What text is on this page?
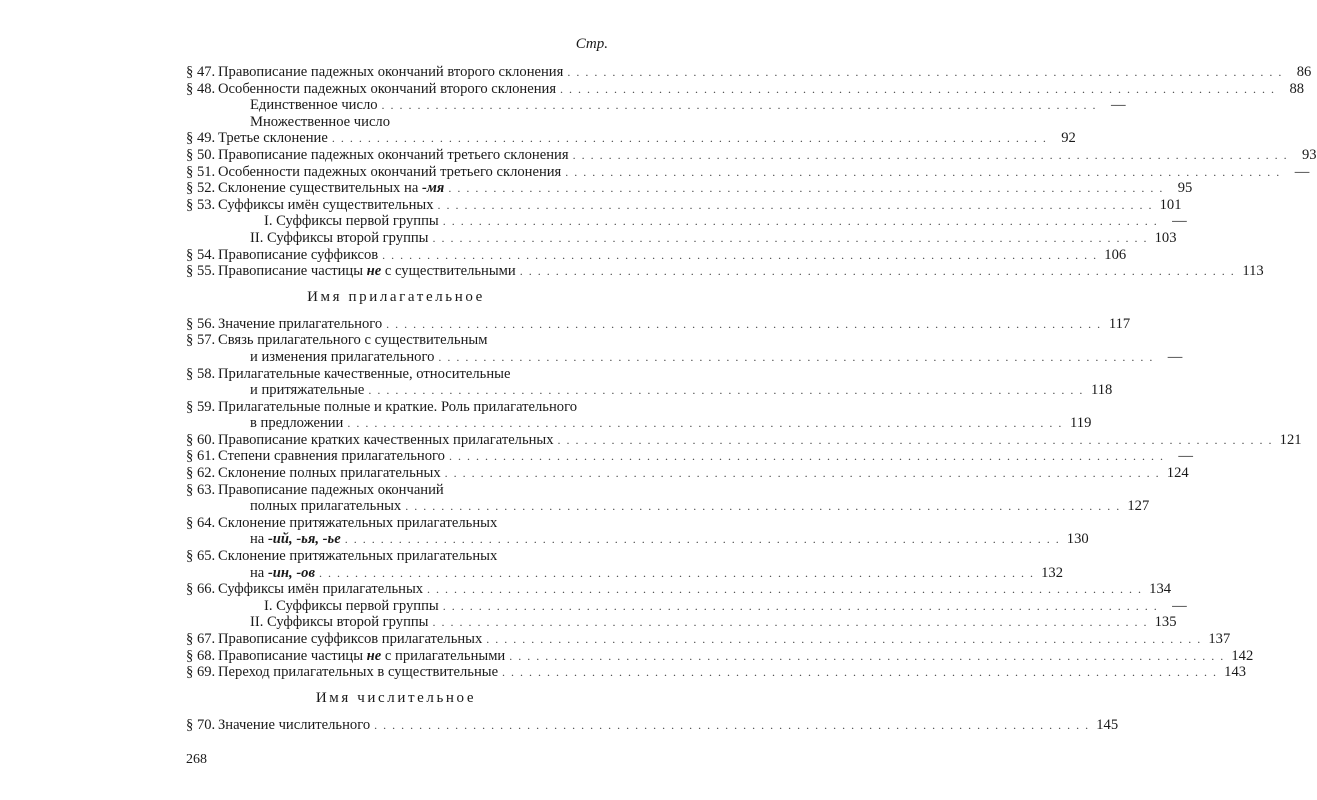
Стр.
§ 47. Правописание падежных окончаний второго склонения ................................................................................ 86
§ 48. Особенности падежных окончаний второго склонения ................................................................................ 88
Единственное число ................................................................................ —
Множественное число
§ 49. Третье склонение ................................................................................ 92
§ 50. Правописание падежных окончаний третьего склонения ................................................................................ 93
§ 51. Особенности падежных окончаний третьего склонения ................................................................................ —
§ 52. Склонение существительных на -мя ................................................................................ 95
§ 53. Суффиксы имён существительных ................................................................................ 101
I. Суффиксы первой группы ................................................................................ —
II. Суффиксы второй группы ................................................................................ 103
§ 54. Правописание суффиксов ................................................................................ 106
§ 55. Правописание частицы не с существительными ................................................................................ 113
Имя прилагательное
§ 56. Значение прилагательного ................................................................................ 117
§ 57. Связь прилагательного с существительным
и изменения прилагательного ................................................................................ —
§ 58. Прилагательные качественные, относительные
и притяжательные ................................................................................ 118
§ 59. Прилагательные полные и краткие. Роль прилагательного
в предложении ................................................................................ 119
§ 60. Правописание кратких качественных прилагательных ................................................................................ 121
§ 61. Степени сравнения прилагательного ................................................................................ —
§ 62. Склонение полных прилагательных ................................................................................ 124
§ 63. Правописание падежных окончаний
полных прилагательных ................................................................................ 127
§ 64. Склонение притяжательных прилагательных
на -ий, -ья, -ье ................................................................................ 130
§ 65. Склонение притяжательных прилагательных
на -ин, -ов ................................................................................ 132
§ 66. Суффиксы имён прилагательных ................................................................................ 134
I. Суффиксы первой группы ................................................................................ —
II. Суффиксы второй группы ................................................................................ 135
§ 67. Правописание суффиксов прилагательных ................................................................................ 137
§ 68. Правописание частицы не с прилагательными ................................................................................ 142
§ 69. Переход прилагательных в существительные ................................................................................ 143
Имя числительное
§ 70. Значение числительного ................................................................................ 145
268
